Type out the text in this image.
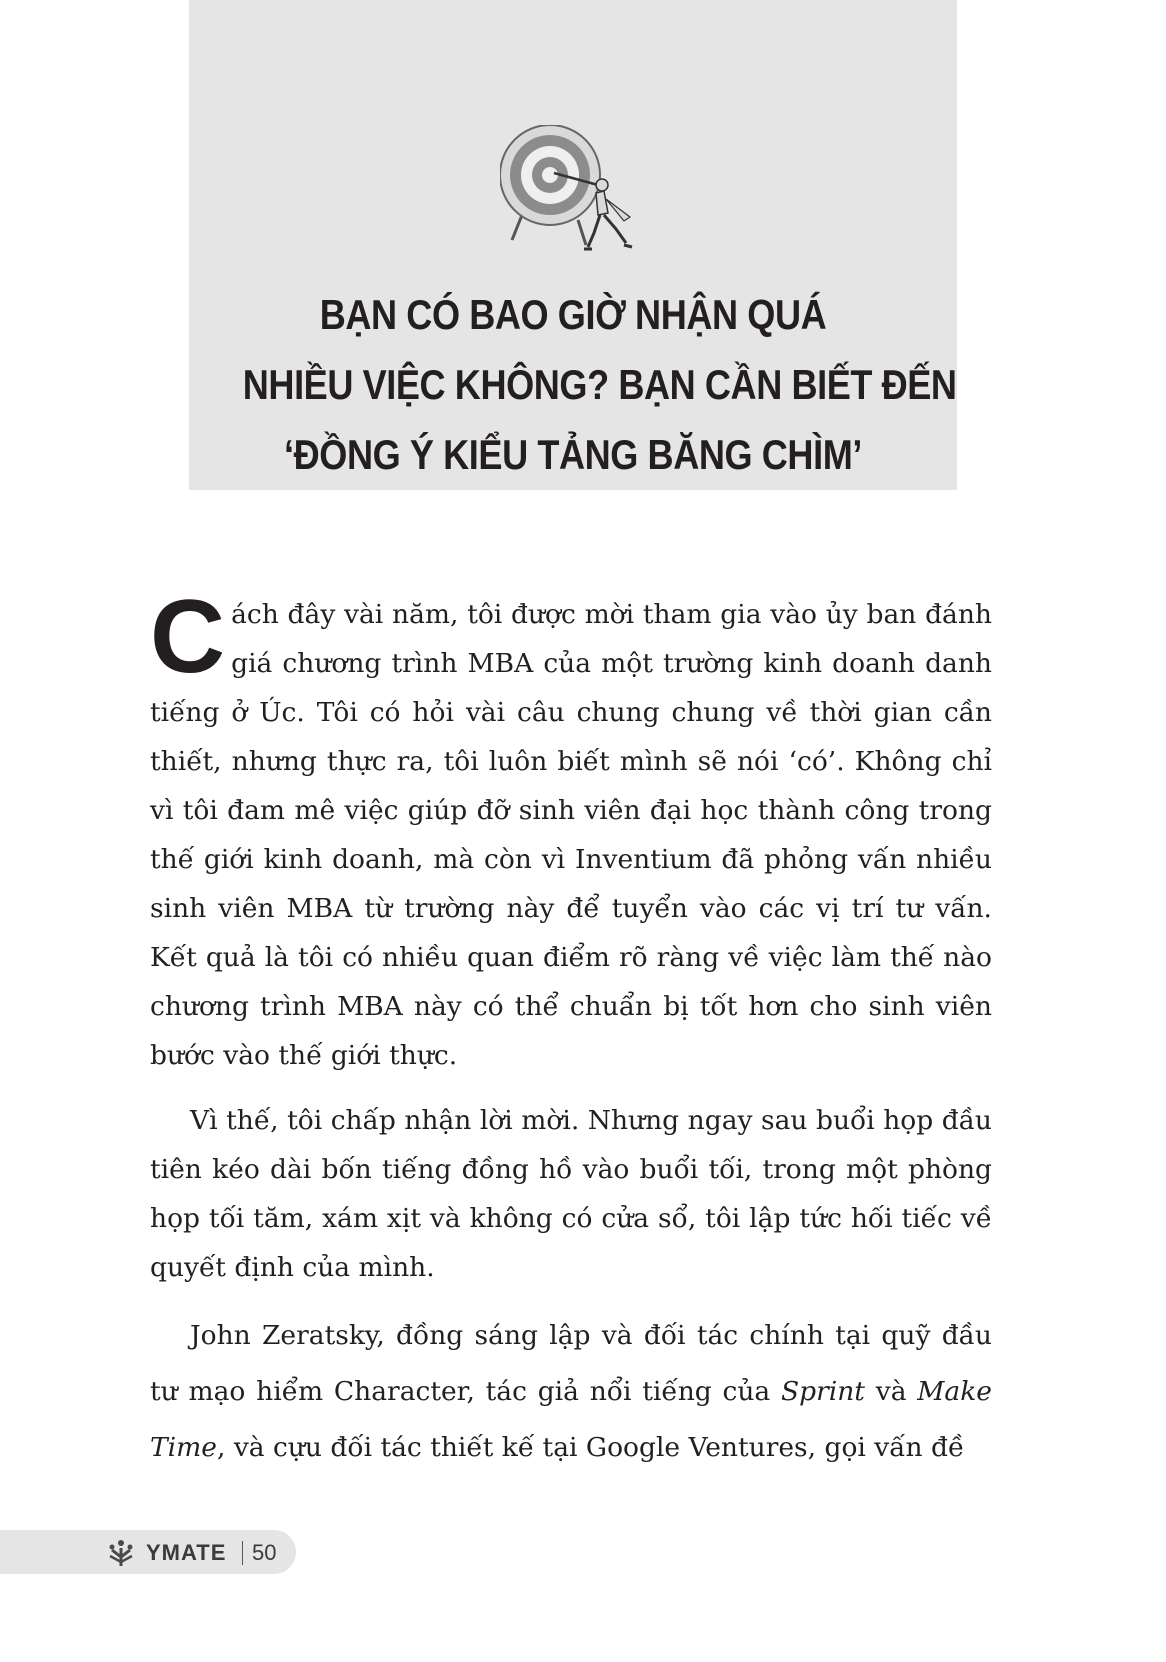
BẠN CÓ BAO GIỜ NHẬN QUÁ
NHIỀU VIỆC KHÔNG? BẠN CẦN BIẾT ĐẾN
‘ĐỒNG Ý KIỂU TẢNG BĂNG CHÌM’

Cách đây vài năm, tôi được mời tham gia vào ủy ban đánh giá chương trình MBA của một trường kinh doanh danh tiếng ở Úc. Tôi có hỏi vài câu chung chung về thời gian cần thiết, nhưng thực ra, tôi luôn biết mình sẽ nói ‘có’. Không chỉ vì tôi đam mê việc giúp đỡ sinh viên đại học thành công trong thế giới kinh doanh, mà còn vì Inventium đã phỏng vấn nhiều sinh viên MBA từ trường này để tuyển vào các vị trí tư vấn. Kết quả là tôi có nhiều quan điểm rõ ràng về việc làm thế nào chương trình MBA này có thể chuẩn bị tốt hơn cho sinh viên bước vào thế giới thực.

Vì thế, tôi chấp nhận lời mời. Nhưng ngay sau buổi họp đầu tiên kéo dài bốn tiếng đồng hồ vào buổi tối, trong một phòng họp tối tăm, xám xịt và không có cửa sổ, tôi lập tức hối tiếc về quyết định của mình.

John Zeratsky, đồng sáng lập và đối tác chính tại quỹ đầu tư mạo hiểm Character, tác giả nổi tiếng của Sprint và Make Time, và cựu đối tác thiết kế tại Google Ventures, gọi vấn đề

YMATE 50
